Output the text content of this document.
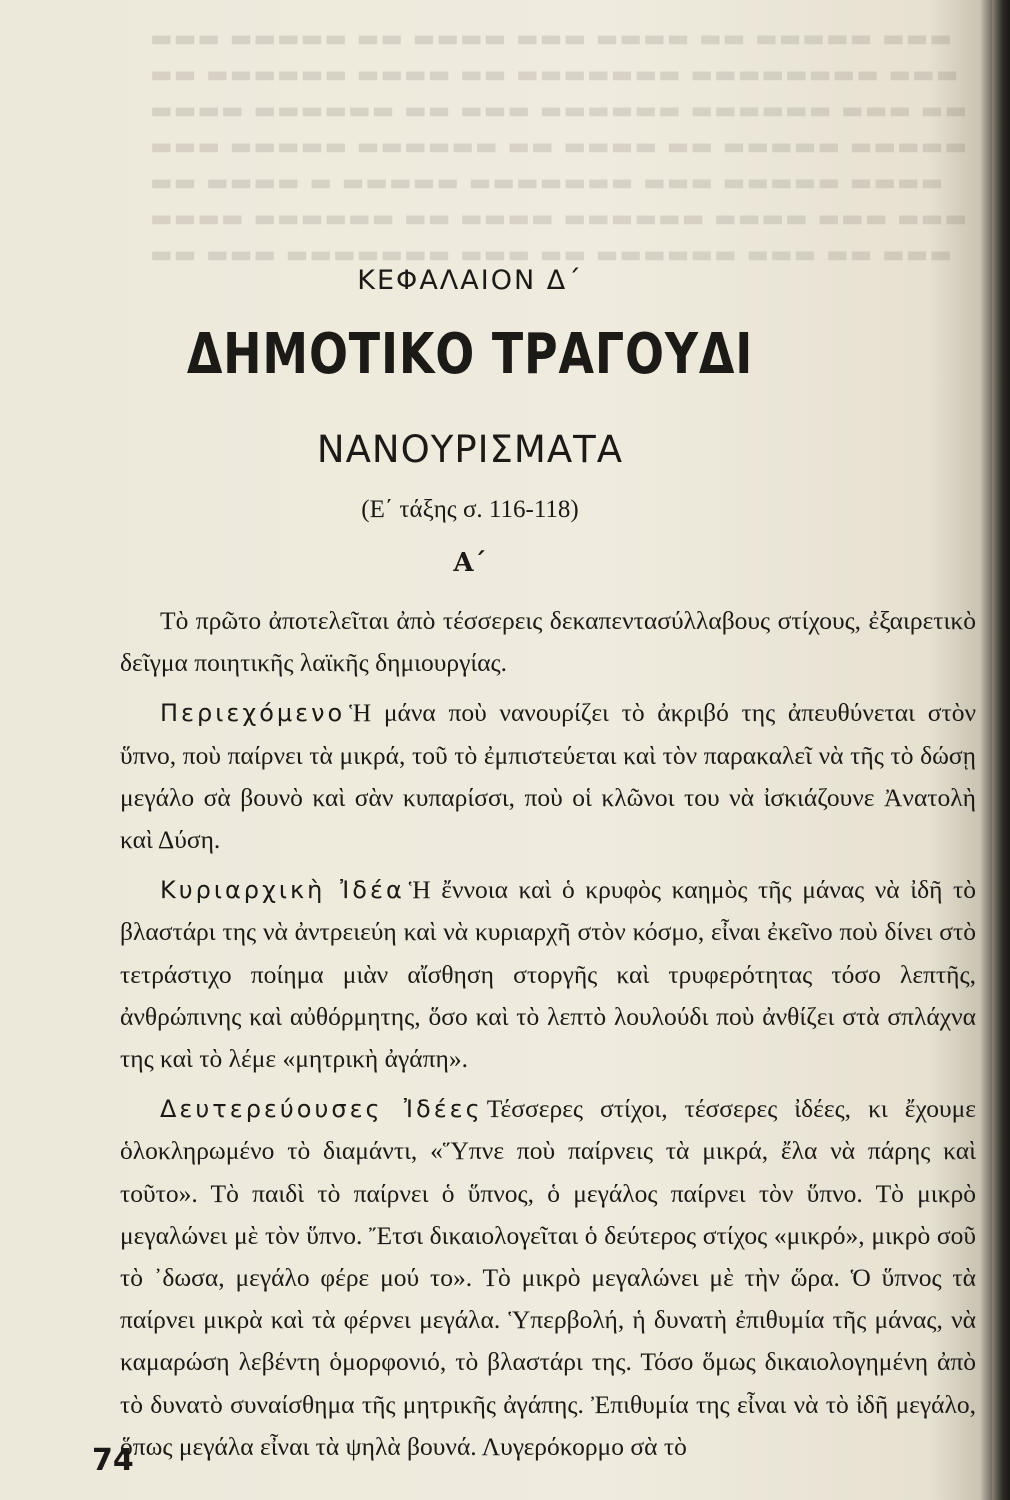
▬▬▬ ▬▬▬▬▬ ▬▬ ▬▬▬▬ ▬▬▬ ▬▬▬▬ ▬▬ ▬▬▬▬▬ ▬▬▬
▬▬ ▬▬▬▬▬▬ ▬▬▬▬ ▬▬ ▬▬▬▬▬▬▬ ▬▬▬▬▬▬▬▬ ▬▬▬
▬▬▬▬ ▬▬▬▬▬▬ ▬▬ ▬▬▬ ▬▬▬▬▬▬ ▬▬▬▬▬▬ ▬▬▬ ▬▬
▬▬▬ ▬▬▬▬▬ ▬▬▬▬▬▬ ▬▬ ▬▬▬▬ ▬▬ ▬▬▬▬▬ ▬▬▬▬▬
▬▬ ▬▬▬▬ ▬ ▬▬▬▬▬ ▬▬▬▬▬▬▬ ▬▬▬ ▬▬▬▬▬ ▬▬▬▬
▬▬▬▬ ▬▬▬▬▬▬ ▬▬ ▬▬▬▬ ▬▬▬▬▬▬ ▬▬▬▬ ▬▬▬ ▬▬▬
▬▬ ▬▬▬ ▬▬▬▬▬▬▬ ▬▬▬ ▬▬ ▬▬▬▬▬▬ ▬▬▬ ▬▬ ▬▬▬
ΚΕΦΑΛΑΙΟΝ Δ΄
ΔΗΜΟΤΙΚΟ ΤΡΑΓΟΥΔΙ
ΝΑΝΟΥΡΙΣΜΑΤΑ
(Ε΄ τάξης σ. 116-118)
Α΄

Τὸ πρῶτο ἀποτελεῖται ἀπὸ τέσσερεις δεκαπεντασύλλαβους στίχους, ἐξαιρετικὸ δεῖγμα ποιητικῆς λαϊκῆς δημιουργίας.

Περιεχόμενο Ἡ μάνα ποὺ νανουρίζει τὸ ἀκριβό της ἀπευθύνεται στὸν ὕπνο, ποὺ παίρνει τὰ μικρά, τοῦ τὸ ἐμπιστεύεται καὶ τὸν παρακαλεῖ νὰ τῆς τὸ δώσῃ μεγάλο σὰ βουνὸ καὶ σὰν κυπαρίσσι, ποὺ οἱ κλῶνοι του νὰ ἰσκιάζουνε Ἀνατολὴ καὶ Δύση.

Κυριαρχικὴ Ἰδέα Ἡ ἔννοια καὶ ὁ κρυφὸς καημὸς τῆς μάνας νὰ ἰδῆ τὸ βλαστάρι της νὰ ἀντρειεύη καὶ νὰ κυριαρχῆ στὸν κόσμο, εἶναι ἐκεῖνο ποὺ δίνει στὸ τετράστιχο ποίημα μιὰν αἴσθηση στοργῆς καὶ τρυφερότητας τόσο λεπτῆς, ἀνθρώπινης καὶ αὐθόρμητης, ὅσο καὶ τὸ λεπτὸ λουλούδι ποὺ ἀνθίζει στὰ σπλάχνα της καὶ τὸ λέμε «μητρικὴ ἀγάπη».

Δευτερεύουσες Ἰδέες Τέσσερες στίχοι, τέσσερες ἰδέες, κι ἔχουμε ὁλοκληρωμένο τὸ διαμάντι, «Ὕπνε ποὺ παίρνεις τὰ μικρά, ἔλα νὰ πάρης καὶ τοῦτο». Τὸ παιδὶ τὸ παίρνει ὁ ὕπνος, ὁ μεγάλος παίρνει τὸν ὕπνο. Τὸ μικρὸ μεγαλώνει μὲ τὸν ὕπνο. Ἔτσι δικαιολογεῖται ὁ δεύτερος στίχος «μικρό», μικρὸ σοῦ τὸ ᾽δωσα, μεγάλο φέρε μού το». Τὸ μικρὸ μεγαλώνει μὲ τὴν ὥρα. Ὁ ὕπνος τὰ παίρνει μικρὰ καὶ τὰ φέρνει μεγάλα. Ὑπερβολή, ἡ δυνατὴ ἐπιθυμία τῆς μάνας, νὰ καμαρώση λεβέντη ὁμορφονιό, τὸ βλαστάρι της. Τόσο ὅμως δικαιολογημένη ἀπὸ τὸ δυνατὸ συναίσθημα τῆς μητρικῆς ἀγάπης. Ἐπιθυμία της εἶναι νὰ τὸ ἰδῆ μεγάλο, ὅπως μεγάλα εἶναι τὰ ψηλὰ βουνά. Λυγερόκορμο σὰ τὸ

74
